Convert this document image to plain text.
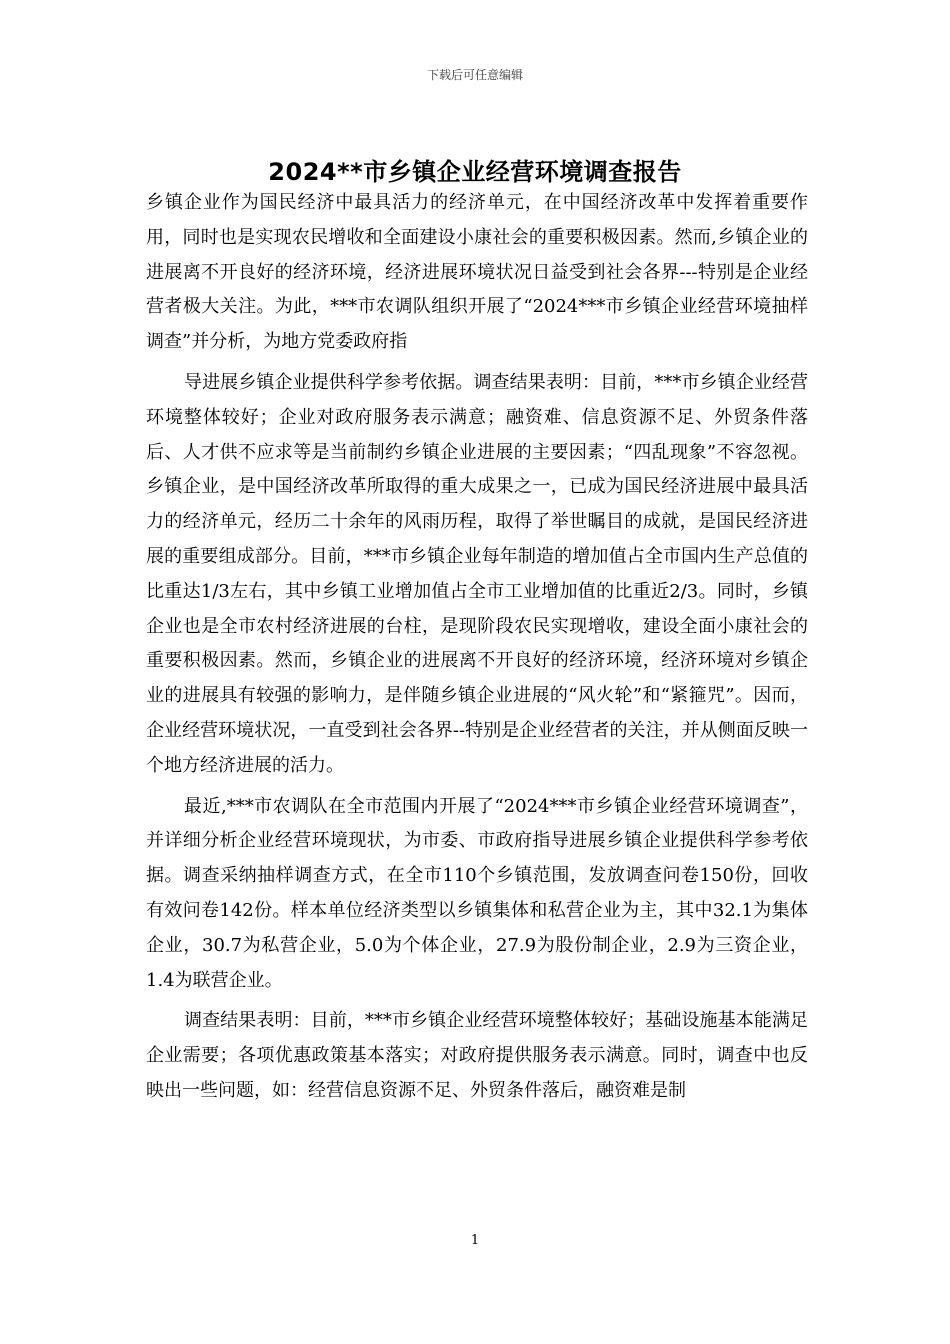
下载后可任意编辑
2024**市乡镇企业经营环境调查报告

乡镇企业作为国民经济中最具活力的经济单元，在中国经济改革中发挥着重要作用，同时也是实现农民增收和全面建设小康社会的重要积极因素。然而,乡镇企业的进展离不开良好的经济环境，经济进展环境状况日益受到社会各界---特别是企业经营者极大关注。为此，***市农调队组织开展了“2024***市乡镇企业经营环境抽样调查”并分析，为地方党委政府指

导进展乡镇企业提供科学参考依据。调查结果表明：目前，***市乡镇企业经营环境整体较好；企业对政府服务表示满意；融资难、信息资源不足、外贸条件落后、人才供不应求等是当前制约乡镇企业进展的主要因素；“四乱现象”不容忽视。乡镇企业，是中国经济改革所取得的重大成果之一，已成为国民经济进展中最具活力的经济单元，经历二十余年的风雨历程，取得了举世瞩目的成就，是国民经济进展的重要组成部分。目前，***市乡镇企业每年制造的增加值占全市国内生产总值的比重达1/3左右，其中乡镇工业增加值占全市工业增加值的比重近2/3。同时，乡镇企业也是全市农村经济进展的台柱，是现阶段农民实现增收，建设全面小康社会的重要积极因素。然而，乡镇企业的进展离不开良好的经济环境，经济环境对乡镇企业的进展具有较强的影响力，是伴随乡镇企业进展的“风火轮”和“紧箍咒”。因而，企业经营环境状况，一直受到社会各界--特别是企业经营者的关注，并从侧面反映一个地方经济进展的活力。

最近,***市农调队在全市范围内开展了“2024***市乡镇企业经营环境调查”，并详细分析企业经营环境现状，为市委、市政府指导进展乡镇企业提供科学参考依据。调查采纳抽样调查方式，在全市110个乡镇范围，发放调查问卷150份，回收有效问卷142份。样本单位经济类型以乡镇集体和私营企业为主，其中32.1为集体企业，30.7为私营企业，5.0为个体企业，27.9为股份制企业，2.9为三资企业，1.4为联营企业。

调查结果表明：目前，***市乡镇企业经营环境整体较好；基础设施基本能满足企业需要；各项优惠政策基本落实；对政府提供服务表示满意。同时，调查中也反映出一些问题，如：经营信息资源不足、外贸条件落后，融资难是制

1
